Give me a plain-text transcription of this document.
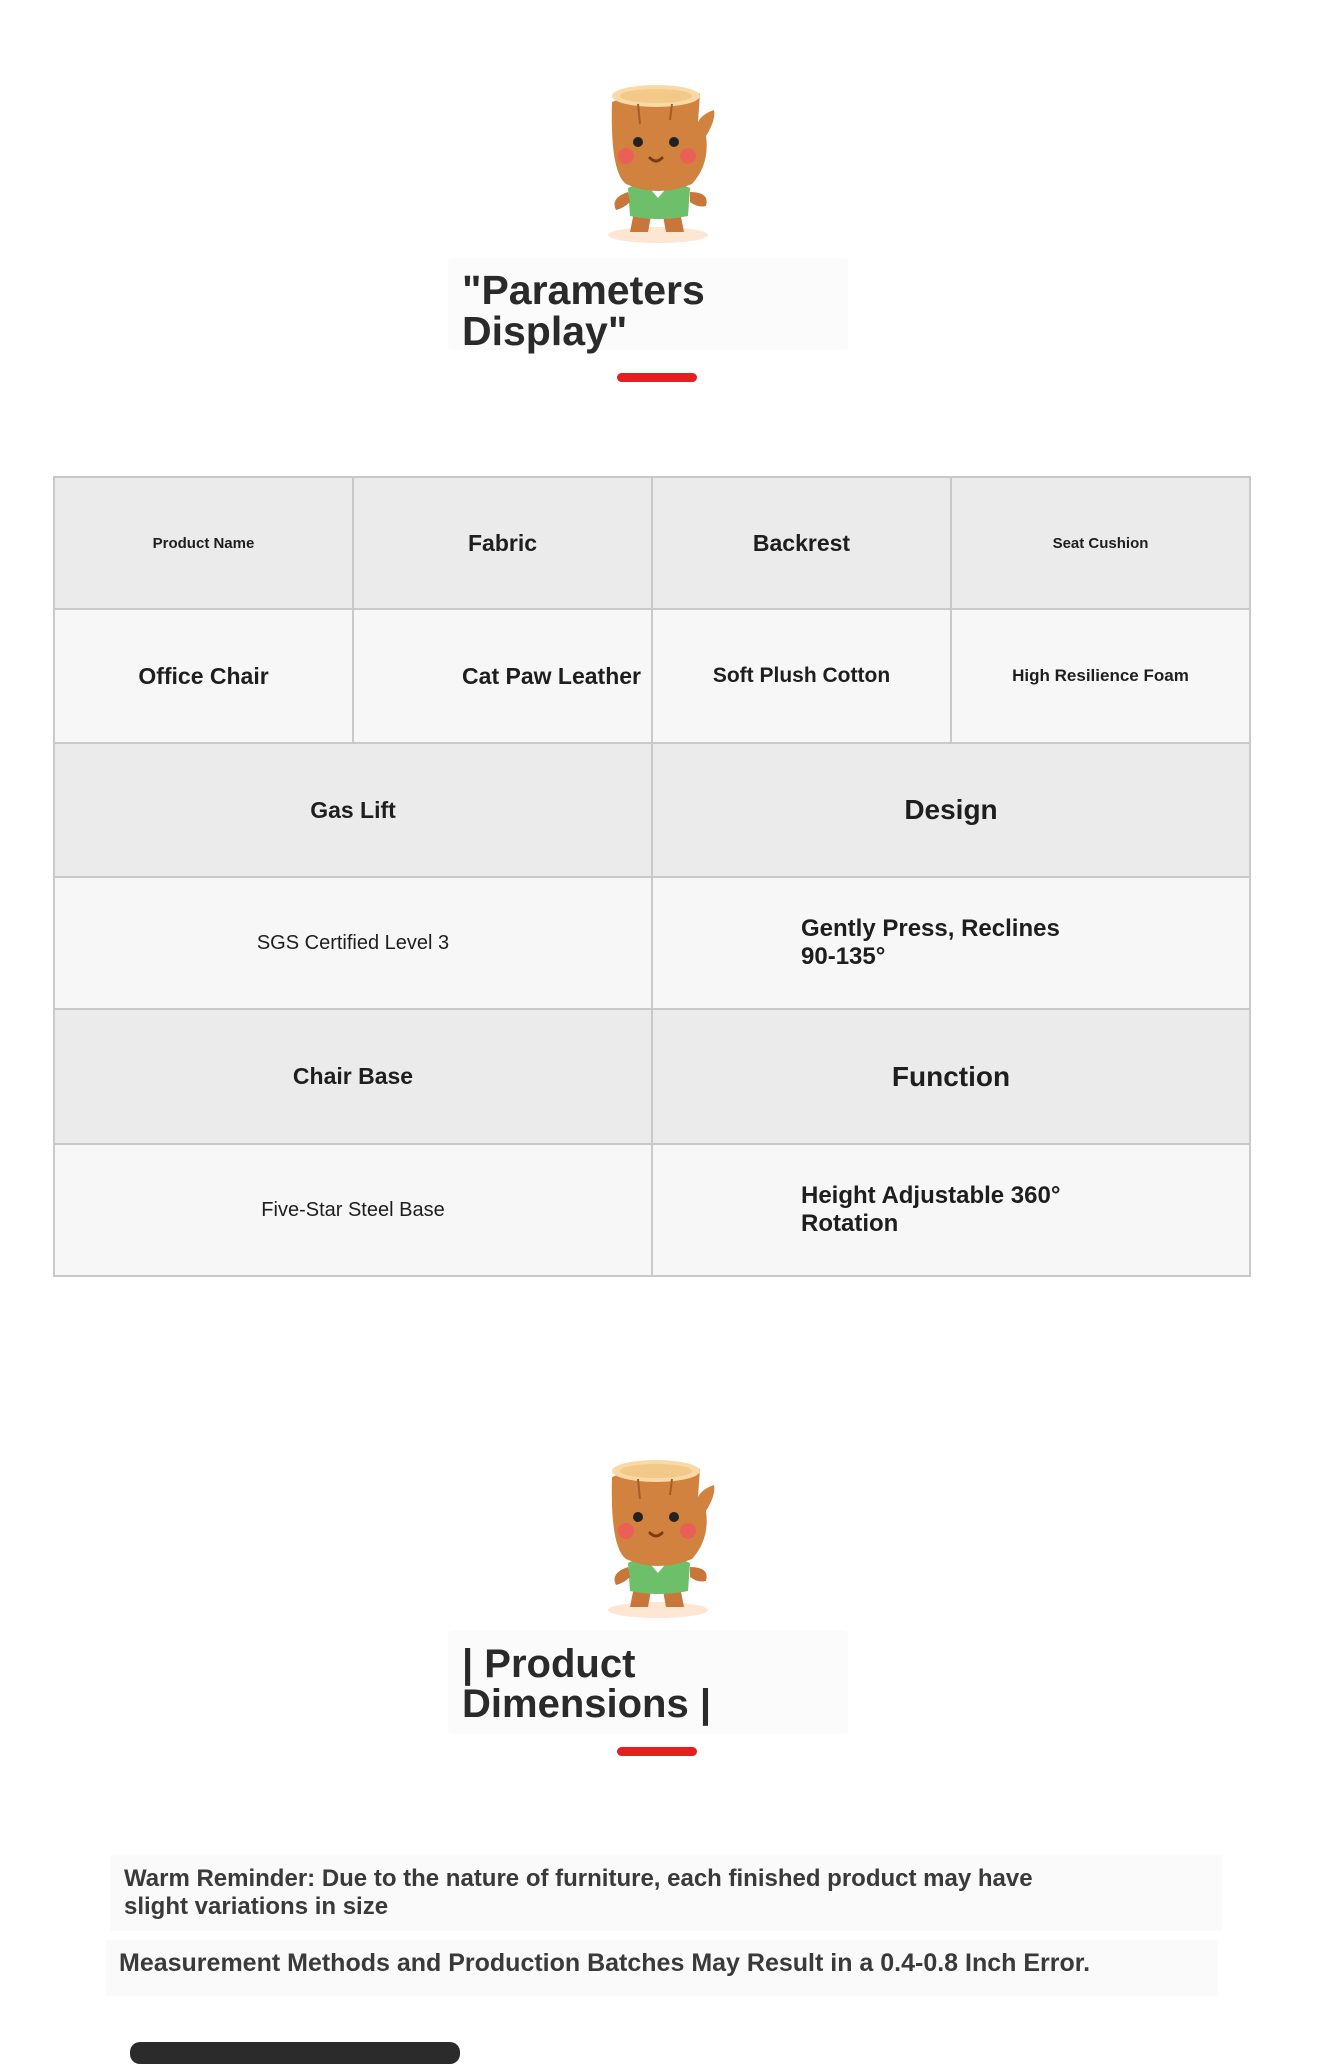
"Parameters Display"
Product Name	Fabric	Backrest	Seat Cushion
Office Chair	Cat Paw Leather	Soft Plush Cotton	High Resilience Foam
Gas Lift		Design	
SGS Certified Level 3		Gently Press, Reclines 90-135°	
Chair Base		Function	
Five-Star Steel Base		Height Adjustable 360° Rotation	
| Product Dimensions |
Warm Reminder: Due to the nature of furniture, each finished product may have slight variations in size
Measurement Methods and Production Batches May Result in a 0.4-0.8 Inch Error.
